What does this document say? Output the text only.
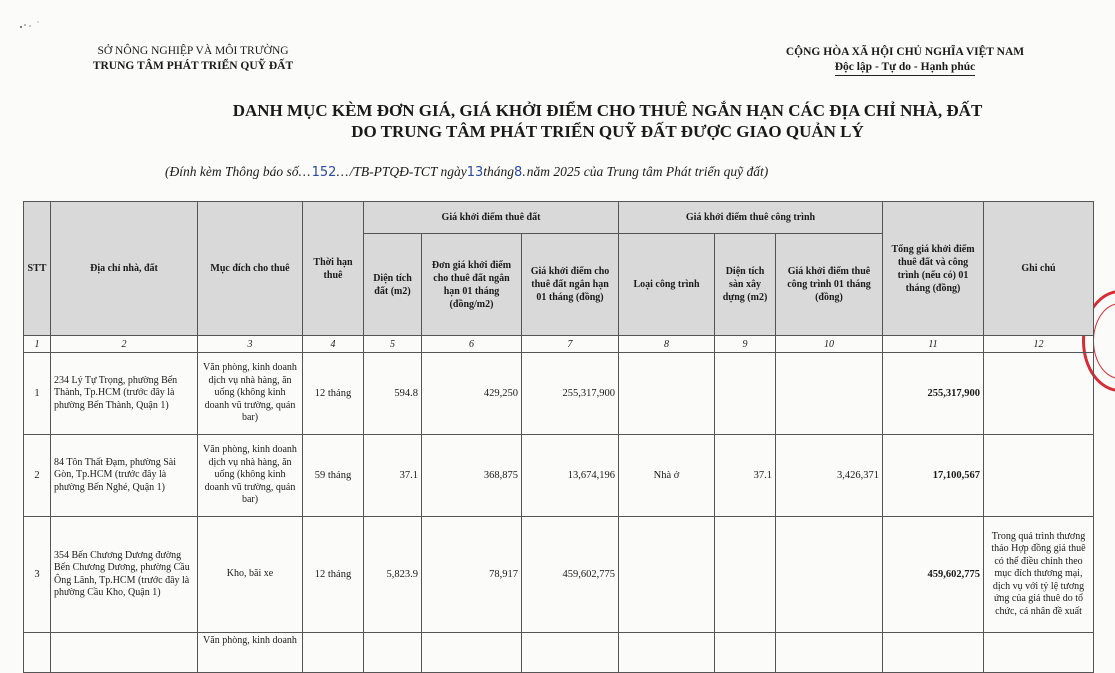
SỞ NÔNG NGHIỆP VÀ MÔI TRƯỜNG
TRUNG TÂM PHÁT TRIỂN QUỸ ĐẤT
CỘNG HÒA XÃ HỘI CHỦ NGHĨA VIỆT NAM
Độc lập - Tự do - Hạnh phúc
DANH MỤC KÈM ĐƠN GIÁ, GIÁ KHỞI ĐIỂM CHO THUÊ NGẮN HẠN CÁC ĐỊA CHỈ NHÀ, ĐẤT
DO TRUNG TÂM PHÁT TRIỂN QUỸ ĐẤT ĐƯỢC GIAO QUẢN LÝ
(Đính kèm Thông báo số...152.../TB-PTQĐ-TCT ngày13tháng8.năm 2025 của Trung tâm Phát triển quỹ đất)
STT	Địa chỉ nhà, đất	Mục đích cho thuê	Thời hạn thuê	Giá khởi điểm thuê đất			Giá khởi điểm thuê công trình			Tổng giá khởi điểm thuê đất và công trình (nếu có) 01 tháng (đồng)	Ghi chú
				Diện tích đất (m2)	Đơn giá khởi điểm cho thuê đất ngắn hạn 01 tháng (đồng/m2)	Giá khởi điểm cho thuê đất ngắn hạn 01 tháng (đồng)	Loại công trình	Diện tích sàn xây dựng (m2)	Giá khởi điểm thuê công trình 01 tháng (đồng)		
1	2	3	4	5	6	7	8	9	10	11	12
1	234 Lý Tự Trọng, phường Bến Thành, Tp.HCM (trước đây là phường Bến Thành, Quận 1)	Văn phòng, kinh doanh dịch vụ nhà hàng, ăn uống (không kinh doanh vũ trường, quán bar)	12 tháng	594.8	429,250	255,317,900				255,317,900	
2	84 Tôn Thất Đạm, phường Sài Gòn, Tp.HCM (trước đây là phường Bến Nghé, Quận 1)	Văn phòng, kinh doanh dịch vụ nhà hàng, ăn uống (không kinh doanh vũ trường, quán bar)	59 tháng	37.1	368,875	13,674,196	Nhà ở	37.1	3,426,371	17,100,567	
3	354 Bến Chương Dương đường Bến Chương Dương, phường Cầu Ông Lãnh, Tp.HCM (trước đây là phường Cầu Kho, Quận 1)	Kho, bãi xe	12 tháng	5,823.9	78,917	459,602,775				459,602,775	Trong quá trình thương thảo Hợp đồng giá thuê có thể điều chỉnh theo mục đích thương mại, dịch vụ với tỷ lệ tương ứng của giá thuê do tổ chức, cá nhân đề xuất
		Văn phòng, kinh doanh									
